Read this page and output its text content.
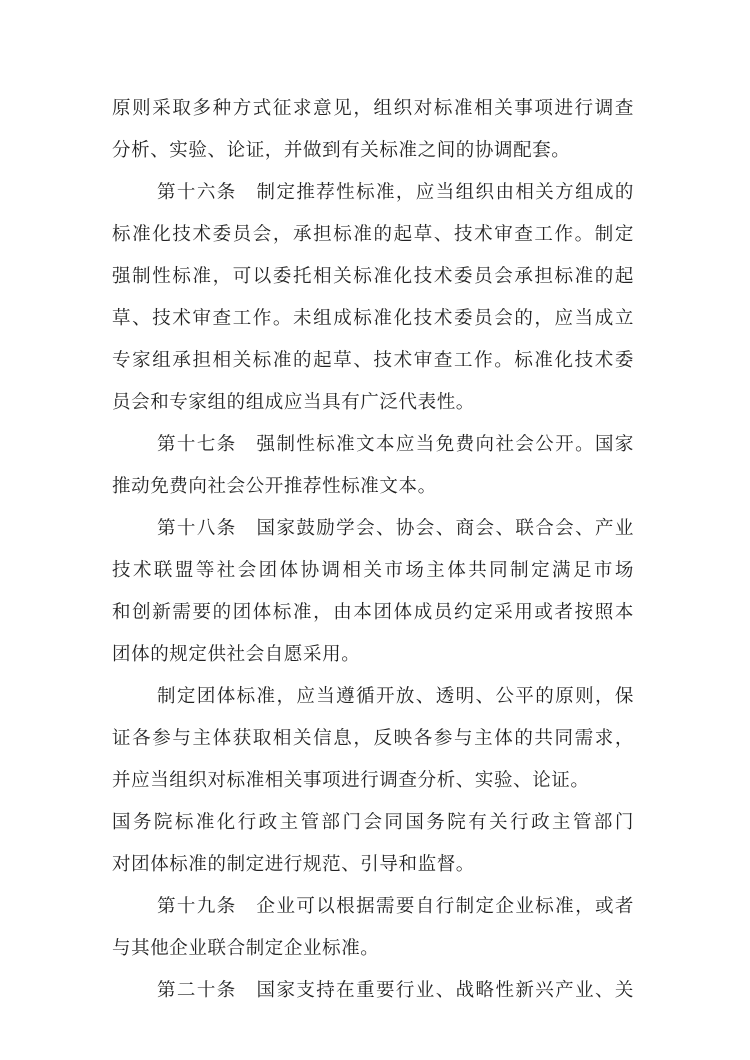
原则采取多种方式征求意见，组织对标准相关事项进行调查
分析、实验、论证，并做到有关标准之间的协调配套。
第十六条　制定推荐性标准，应当组织由相关方组成的
标准化技术委员会，承担标准的起草、技术审查工作。制定
强制性标准，可以委托相关标准化技术委员会承担标准的起
草、技术审查工作。未组成标准化技术委员会的，应当成立
专家组承担相关标准的起草、技术审查工作。标准化技术委
员会和专家组的组成应当具有广泛代表性。
第十七条　强制性标准文本应当免费向社会公开。国家
推动免费向社会公开推荐性标准文本。
第十八条　国家鼓励学会、协会、商会、联合会、产业
技术联盟等社会团体协调相关市场主体共同制定满足市场
和创新需要的团体标准，由本团体成员约定采用或者按照本
团体的规定供社会自愿采用。
制定团体标准，应当遵循开放、透明、公平的原则，保
证各参与主体获取相关信息，反映各参与主体的共同需求，
并应当组织对标准相关事项进行调查分析、实验、论证。
国务院标准化行政主管部门会同国务院有关行政主管部门
对团体标准的制定进行规范、引导和监督。
第十九条　企业可以根据需要自行制定企业标准，或者
与其他企业联合制定企业标准。
第二十条　国家支持在重要行业、战略性新兴产业、关
